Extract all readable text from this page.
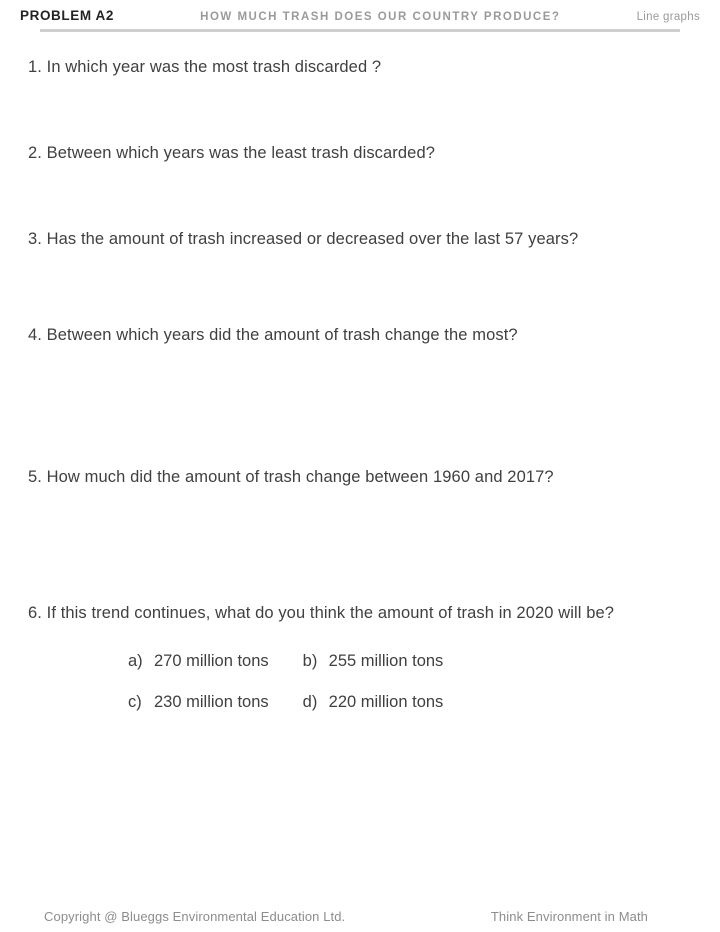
PROBLEM A2	HOW MUCH TRASH DOES OUR COUNTRY PRODUCE?	Line graphs
1. In which year was the most trash discarded ?
2. Between which years was the least trash discarded?
3. Has the amount of trash increased or decreased over the last 57 years?
4. Between which years did the amount of trash change the most?
5. How much did the amount of trash change between 1960 and 2017?
6. If this trend continues, what do you think the amount of trash in 2020 will be?
a) 270 million tons b) 255 million tons
c) 230 million tons d) 220 million tons
Copyright @ Blueggs Environmental Education Ltd.	Think Environment in Math
